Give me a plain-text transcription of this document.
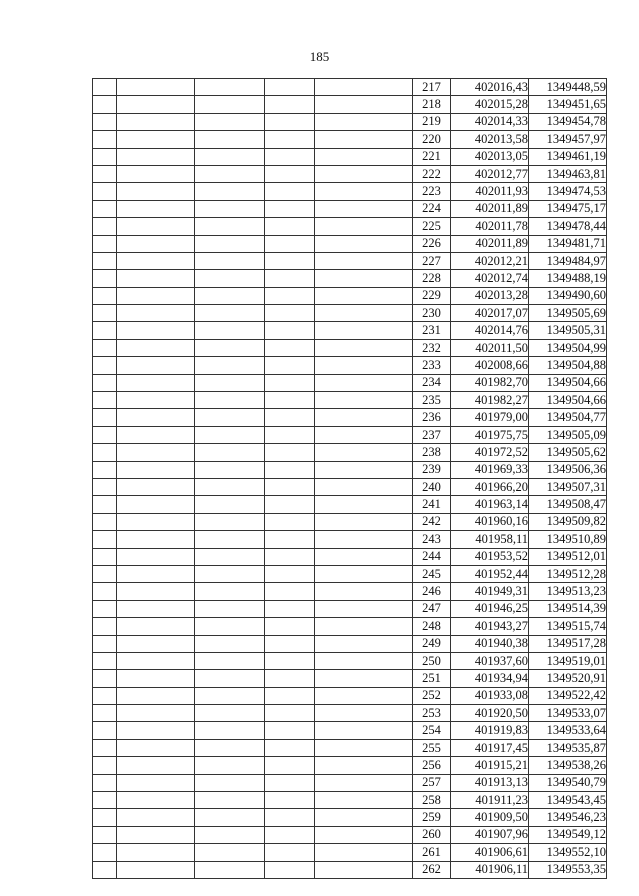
185
					217	402016,43	1349448,59
					218	402015,28	1349451,65
					219	402014,33	1349454,78
					220	402013,58	1349457,97
					221	402013,05	1349461,19
					222	402012,77	1349463,81
					223	402011,93	1349474,53
					224	402011,89	1349475,17
					225	402011,78	1349478,44
					226	402011,89	1349481,71
					227	402012,21	1349484,97
					228	402012,74	1349488,19
					229	402013,28	1349490,60
					230	402017,07	1349505,69
					231	402014,76	1349505,31
					232	402011,50	1349504,99
					233	402008,66	1349504,88
					234	401982,70	1349504,66
					235	401982,27	1349504,66
					236	401979,00	1349504,77
					237	401975,75	1349505,09
					238	401972,52	1349505,62
					239	401969,33	1349506,36
					240	401966,20	1349507,31
					241	401963,14	1349508,47
					242	401960,16	1349509,82
					243	401958,11	1349510,89
					244	401953,52	1349512,01
					245	401952,44	1349512,28
					246	401949,31	1349513,23
					247	401946,25	1349514,39
					248	401943,27	1349515,74
					249	401940,38	1349517,28
					250	401937,60	1349519,01
					251	401934,94	1349520,91
					252	401933,08	1349522,42
					253	401920,50	1349533,07
					254	401919,83	1349533,64
					255	401917,45	1349535,87
					256	401915,21	1349538,26
					257	401913,13	1349540,79
					258	401911,23	1349543,45
					259	401909,50	1349546,23
					260	401907,96	1349549,12
					261	401906,61	1349552,10
					262	401906,11	1349553,35
